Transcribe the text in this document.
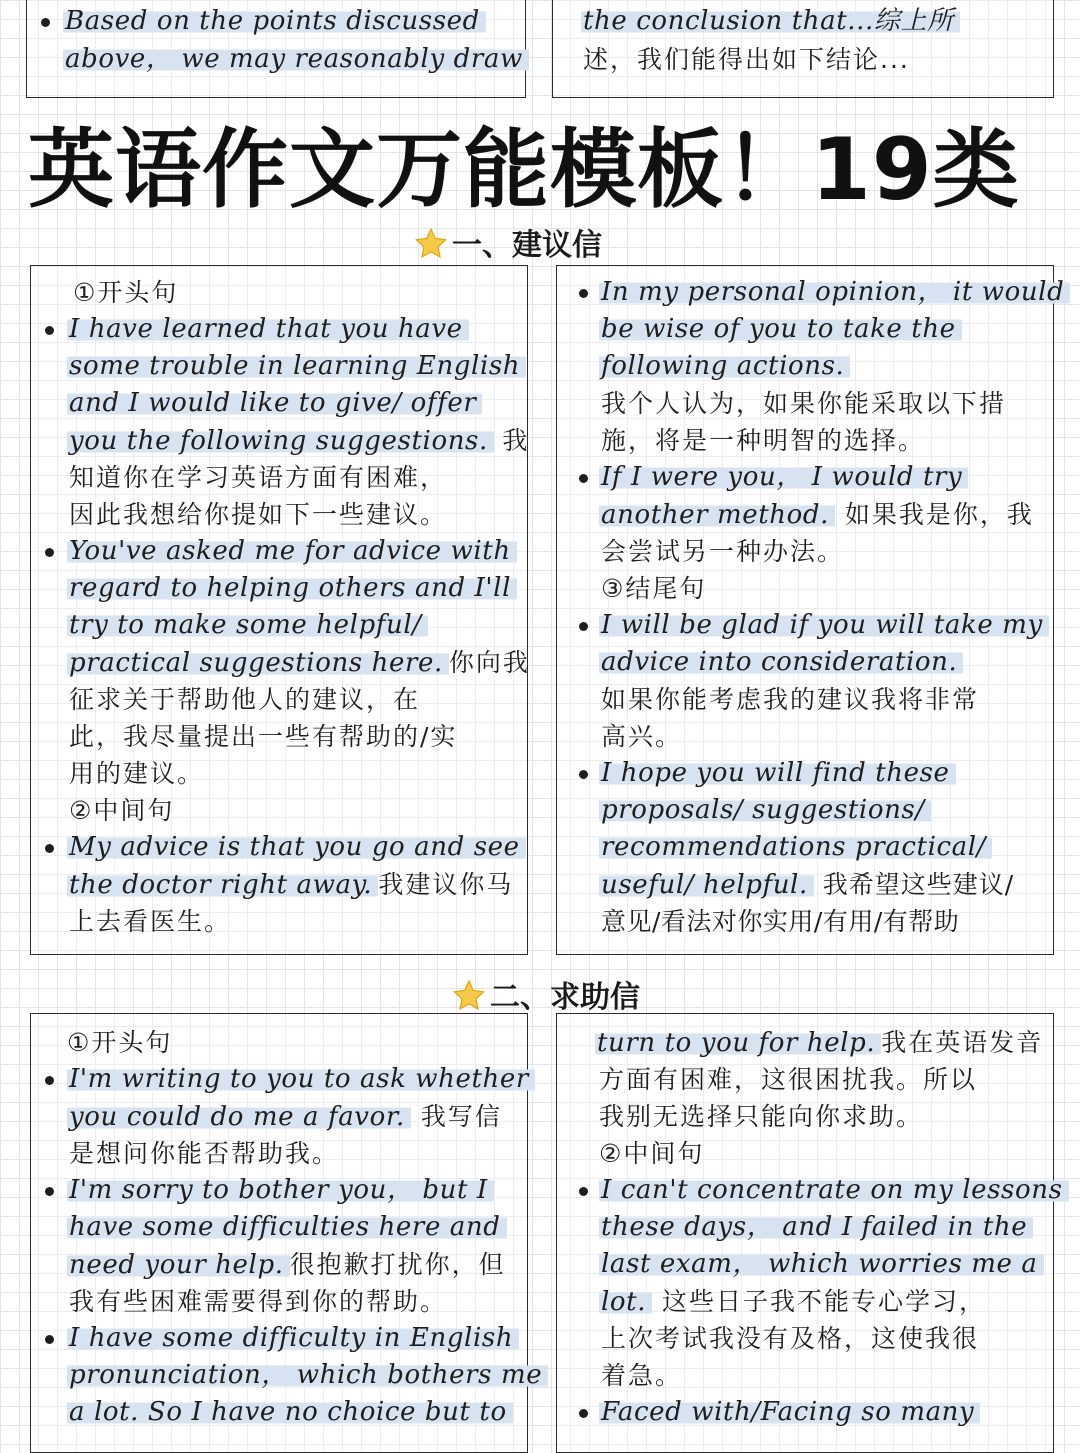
Based on the points discussed
above， we may reasonably draw
the conclusion that...综上所
述，我们能得出如下结论...
英语作文万能模板！19类
一、建议信
①开头句
I have learned that you have
some trouble in learning English
and I would like to give/ offer
you the following suggestions. 我
知道你在学习英语方面有困难，
因此我想给你提如下一些建议。
You've asked me for advice with
regard to helping others and I'll
try to make some helpful/
practical suggestions here. 你向我
征求关于帮助他人的建议，在
此，我尽量提出一些有帮助的/实
用的建议。
②中间句
My advice is that you go and see
the doctor right away. 我建议你马
上去看医生。
In my personal opinion， it would
be wise of you to take the
following actions.
我个人认为，如果你能采取以下措
施，将是一种明智的选择。
If I were you， I would try
another method. 如果我是你，我
会尝试另一种办法。
③结尾句
I will be glad if you will take my
advice into consideration.
如果你能考虑我的建议我将非常
高兴。
I hope you will find these
proposals/ suggestions/
recommendations practical/
useful/ helpful. 我希望这些建议/
意见/看法对你实用/有用/有帮助
二、求助信
①开头句
I'm writing to you to ask whether
you could do me a favor. 我写信
是想问你能否帮助我。
I'm sorry to bother you， but I
have some difficulties here and
need your help. 很抱歉打扰你，但
我有些困难需要得到你的帮助。
I have some difficulty in English
pronunciation， which bothers me
a lot. So I have no choice but to
turn to you for help. 我在英语发音
方面有困难，这很困扰我。所以
我别无选择只能向你求助。
②中间句
I can't concentrate on my lessons
these days， and I failed in the
last exam， which worries me a
lot. 这些日子我不能专心学习，
上次考试我没有及格，这使我很
着急。
Faced with/Facing so many
